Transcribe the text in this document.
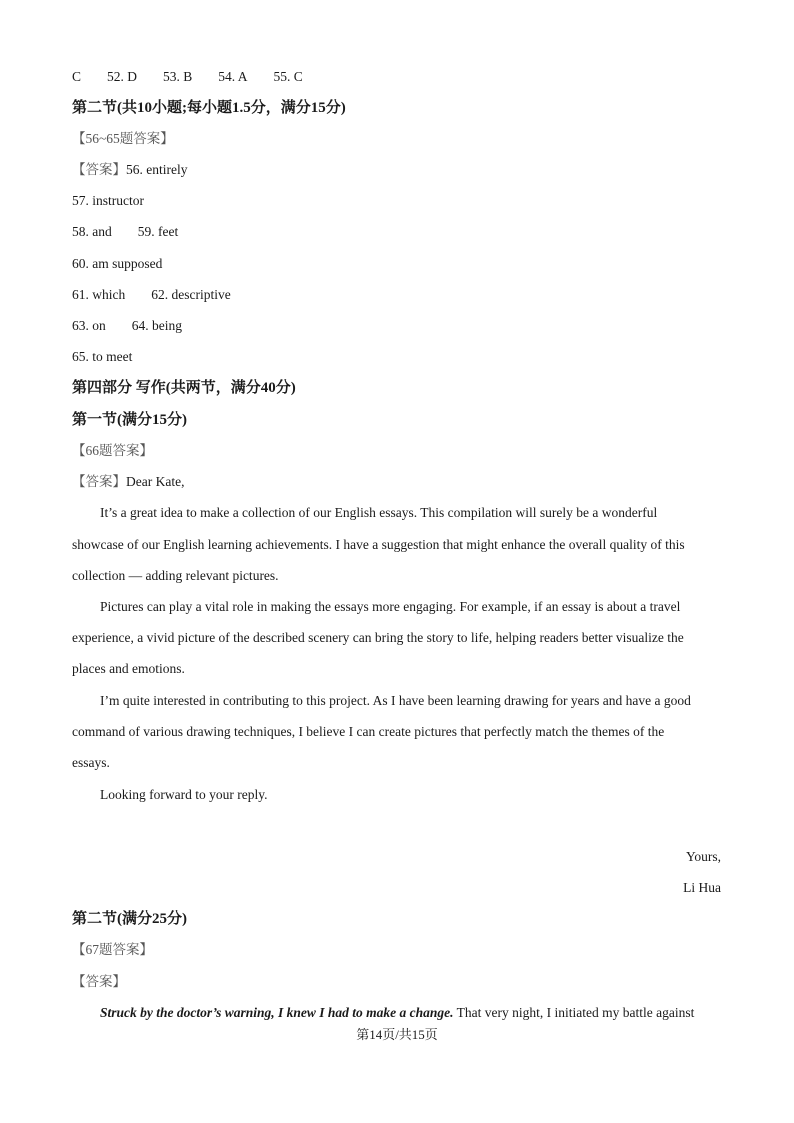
C 52. D 53. B 54. A 55. C
第二节(共10小题;每小题1.5分，满分15分)
【56~65题答案】
【答案】56. entirely
57. instructor
58. and 59. feet
60. am supposed
61. which 62. descriptive
63. on 64. being
65. to meet
第四部分 写作(共两节，满分40分)
第一节(满分15分)
【66题答案】
【答案】Dear Kate,
It’s a great idea to make a collection of our English essays. This compilation will surely be a wonderful
showcase of our English learning achievements. I have a suggestion that might enhance the overall quality of this
collection — adding relevant pictures.
Pictures can play a vital role in making the essays more engaging. For example, if an essay is about a travel
experience, a vivid picture of the described scenery can bring the story to life, helping readers better visualize the
places and emotions.
I’m quite interested in contributing to this project. As I have been learning drawing for years and have a good
command of various drawing techniques, I believe I can create pictures that perfectly match the themes of the
essays.
Looking forward to your reply.
Yours,
Li Hua
第二节(满分25分)
【67题答案】
【答案】
Struck by the doctor’s warning, I knew I had to make a change. That very night, I initiated my battle against
第14页/共15页
